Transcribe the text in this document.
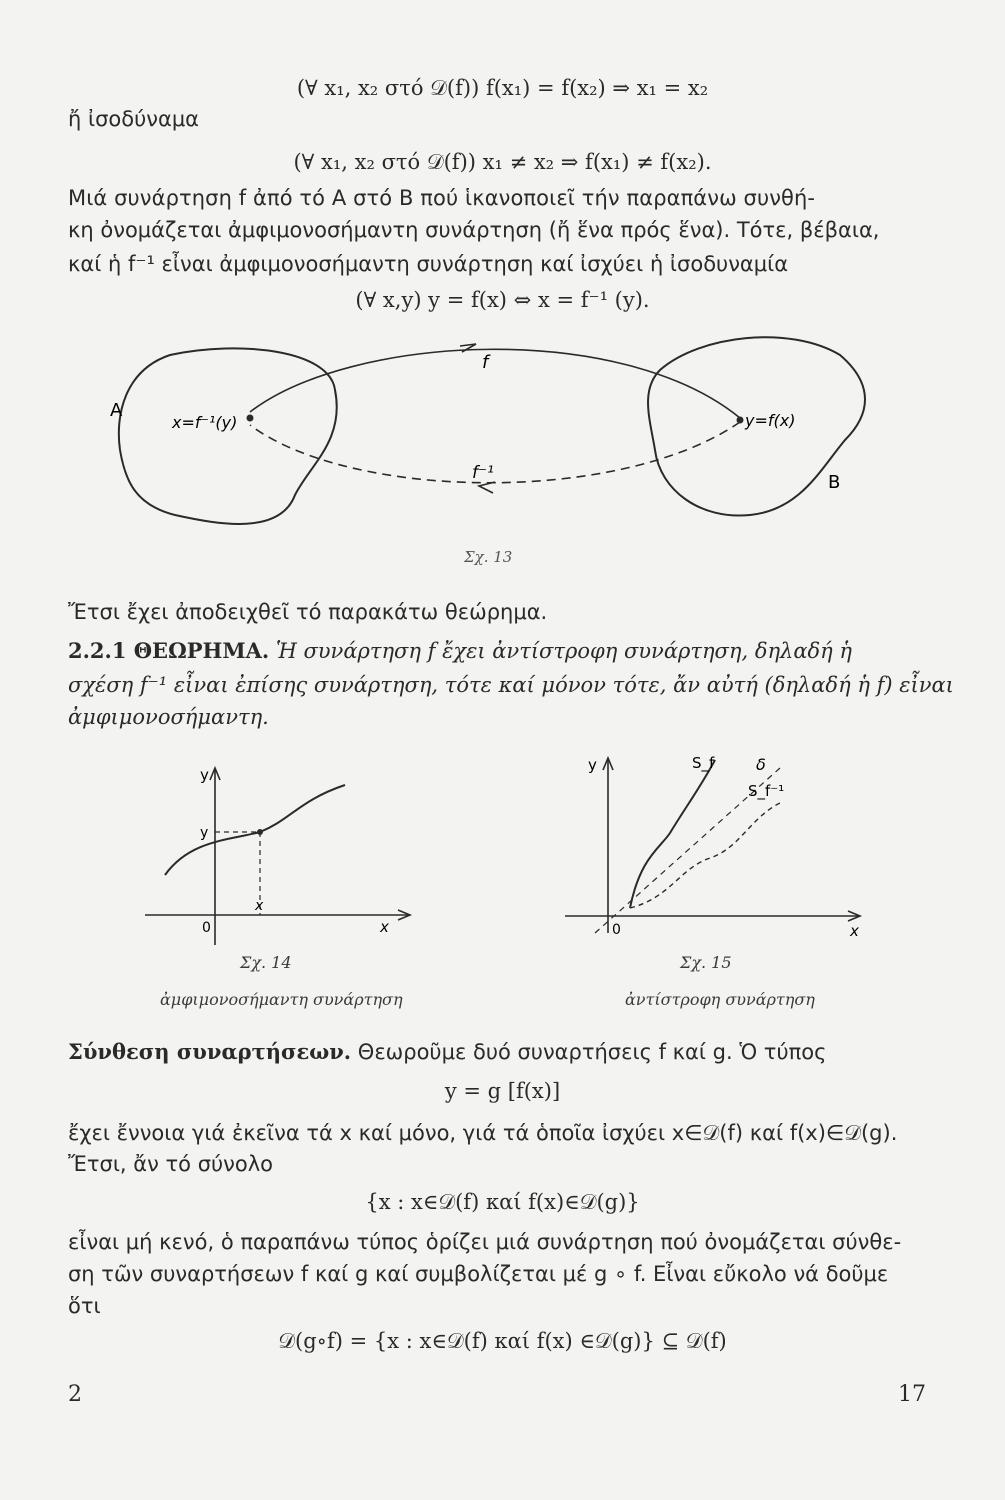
(∀ x₁, x₂ στό 𝒟(f)) f(x₁) = f(x₂) ⇒ x₁ = x₂
ἤ ἰσοδύναμα
(∀ x₁, x₂ στό 𝒟(f)) x₁ ≠ x₂ ⇒ f(x₁) ≠ f(x₂).
Μιά συνάρτηση f ἀπό τό A στό B πού ἱκανοποιεῖ τήν παραπάνω συνθή-
κη ὀνομάζεται ἀμφιμονοσήμαντη συνάρτηση (ἤ ἕνα πρός ἕνα). Τότε, βέβαια,
καί ἡ f⁻¹ εἶναι ἀμφιμονοσήμαντη συνάρτηση καί ἰσχύει ἡ ἰσοδυναμία
(∀ x,y) y = f(x) ⇔ x = f⁻¹ (y).
A
B
x=f⁻¹(y)	y=f(x)
f
f⁻¹
Σχ. 13
Ἔτσι ἔχει ἀποδειχθεῖ τό παρακάτω θεώρημα.
2.2.1 ΘΕΩΡΗΜΑ. Ἡ συνάρτηση f ἔχει ἀντίστροφη συνάρτηση, δηλαδή ἡ
σχέση f⁻¹ εἶναι ἐπίσης συνάρτηση, τότε καί μόνον τότε, ἄν αὐτή (δηλαδή ἡ f) εἶναι
ἀμφιμονοσήμαντη.
y
x
0
y
x
Σχ. 14
ἀμφιμονοσήμαντη συνάρτηση
y
x
0
S_f
S_f⁻¹
δ
Σχ. 15
ἀντίστροφη συνάρτηση
Σύνθεση συναρτήσεων. Θεωροῦμε δυό συναρτήσεις f καί g. Ὁ τύπος
y = g [f(x)]
ἔχει ἔννοια γιά ἐκεῖνα τά x καί μόνο, γιά τά ὁποῖα ἰσχύει x∈𝒟(f) καί f(x)∈𝒟(g).
Ἔτσι, ἄν τό σύνολο
{x : x∈𝒟(f) καί f(x)∈𝒟(g)}
εἶναι μή κενό, ὁ παραπάνω τύπος ὁρίζει μιά συνάρτηση πού ὀνομάζεται σύνθε-
ση τῶν συναρτήσεων f καί g καί συμβολίζεται μέ g ∘ f. Εἶναι εὔκολο νά δοῦμε
ὅτι
𝒟(g∘f) = {x : x∈𝒟(f) καί f(x) ∈𝒟(g)} ⊆ 𝒟(f)
2	17
